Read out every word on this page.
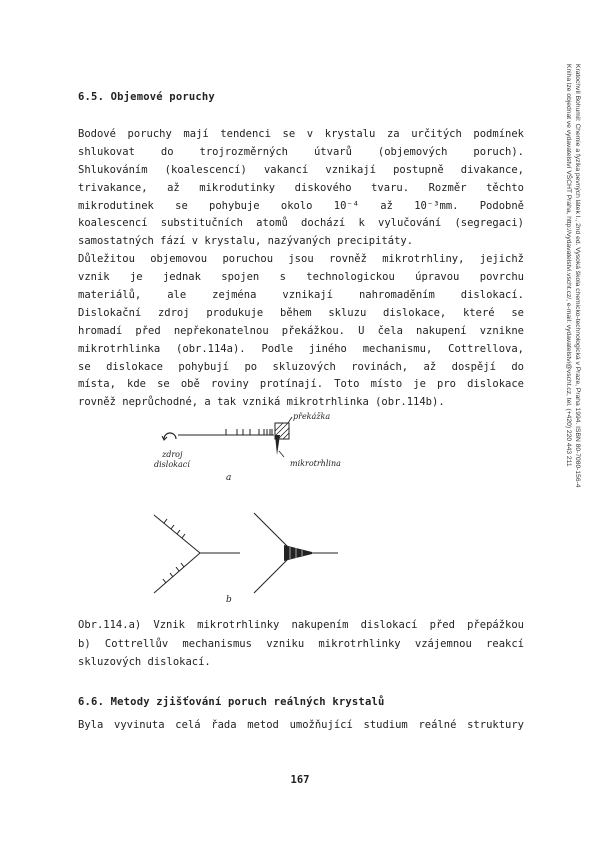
Kratochvíl Bohumil: Chemie a fyzika pevných látek I., 2nd ed. Vysoká škola chemicko-technologická v Praze, Praha 1994. ISBN 80-7080-156-4
Kniha lze objednat ve vydavatelství VŠCHT Praha, http://vydavatelstvi.vscht.cz/, e-mail: vydavatelstvi@vscht.cz, tel. (+420) 220 443 211
6.5. Objemové poruchy
Bodové poruchy mají tendenci se v krystalu za určitých podmínek
shlukovat do trojrozměrných útvarů (objemových poruch).
Shlukováním (koalescencí) vakancí vznikají postupně divakance,
trivakance, až mikrodutinky diskového tvaru. Rozměr těchto
mikrodutinek se pohybuje okolo 10⁻⁴ až 10⁻³mm. Podobně
koalescencí substitučních atomů dochází k vylučování (segregaci)
samostatných fází v krystalu, nazývaných precipitáty.
Důležitou objemovou poruchou jsou rovněž mikrotrhliny, jejichž
vznik je jednak spojen s technologickou úpravou povrchu
materiálů, ale zejména vznikají nahromaděním dislokací.
Dislokační zdroj produkuje během skluzu dislokace, které se
hromadí před nepřekonatelnou překážkou. U čela nakupení vznikne
mikrotrhlinka (obr.114a). Podle jiného mechanismu, Cottrellova,
se dislokace pohybují po skluzových rovinách, až dospějí do
místa, kde se obě roviny protínají. Toto místo je pro dislokace
rovněž neprůchodné, a tak vzniká mikrotrhlinka (obr.114b).
překážka
zdroj
dislokací	mikrotrhlina
a
b
Obr.114.a) Vznik mikrotrhlinky nakupením dislokací před přepážkou
b) Cottrellův mechanismus vzniku mikrotrhlinky vzájemnou reakcí
skluzových dislokací.
6.6. Metody zjišťování poruch reálných krystalů
Byla vyvinuta celá řada metod umožňující studium reálné struktury
167
